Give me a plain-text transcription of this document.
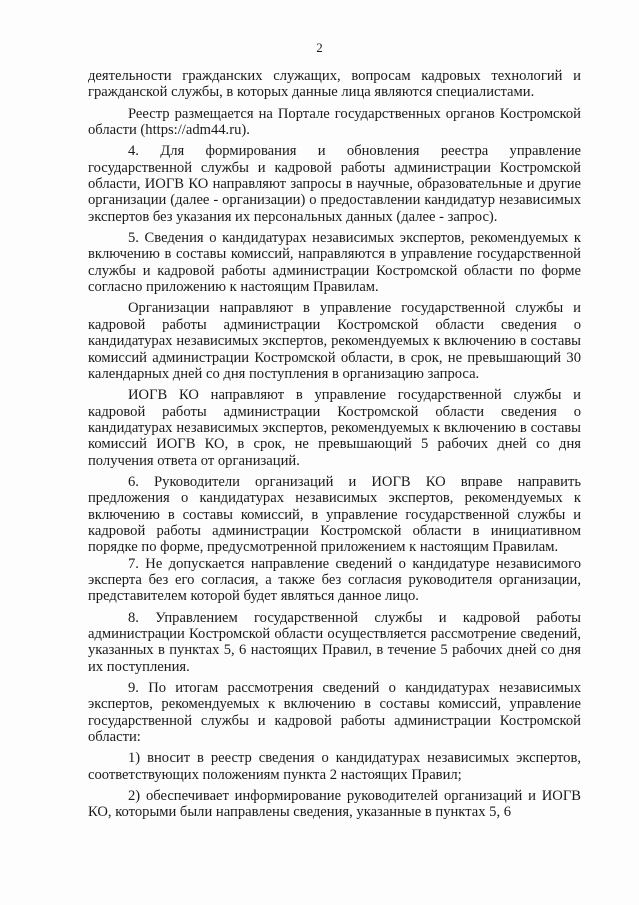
2

деятельности гражданских служащих, вопросам кадровых технологий и гражданской службы, в которых данные лица являются специалистами.

Реестр размещается на Портале государственных органов Костромской области (https://adm44.ru).

4. Для формирования и обновления реестра управление государственной службы и кадровой работы администрации Костромской области, ИОГВ КО направляют запросы в научные, образовательные и другие организации (далее - организации) о предоставлении кандидатур независимых экспертов без указания их персональных данных (далее - запрос).

5. Сведения о кандидатурах независимых экспертов, рекомендуемых к включению в составы комиссий, направляются в управление государственной службы и кадровой работы администрации Костромской области по форме согласно приложению к настоящим Правилам.

Организации направляют в управление государственной службы и кадровой работы администрации Костромской области сведения о кандидатурах независимых экспертов, рекомендуемых к включению в составы комиссий администрации Костромской области, в срок, не превышающий 30 календарных дней со дня поступления в организацию запроса.

ИОГВ КО направляют в управление государственной службы и кадровой работы администрации Костромской области сведения о кандидатурах независимых экспертов, рекомендуемых к включению в составы комиссий ИОГВ КО, в срок, не превышающий 5 рабочих дней со дня получения ответа от организаций.

6. Руководители организаций и ИОГВ КО вправе направить предложения о кандидатурах независимых экспертов, рекомендуемых к включению в составы комиссий, в управление государственной службы и кадровой работы администрации Костромской области в инициативном порядке по форме, предусмотренной приложением к настоящим Правилам.

7. Не допускается направление сведений о кандидатуре независимого эксперта без его согласия, а также без согласия руководителя организации, представителем которой будет являться данное лицо.

8. Управлением государственной службы и кадровой работы администрации Костромской области осуществляется рассмотрение сведений, указанных в пунктах 5, 6 настоящих Правил, в течение 5 рабочих дней со дня их поступления.

9. По итогам рассмотрения сведений о кандидатурах независимых экспертов, рекомендуемых к включению в составы комиссий, управление государственной службы и кадровой работы администрации Костромской области:

1) вносит в реестр сведения о кандидатурах независимых экспертов, соответствующих положениям пункта 2 настоящих Правил;

2) обеспечивает информирование руководителей организаций и ИОГВ КО, которыми были направлены сведения, указанные в пунктах 5, 6
